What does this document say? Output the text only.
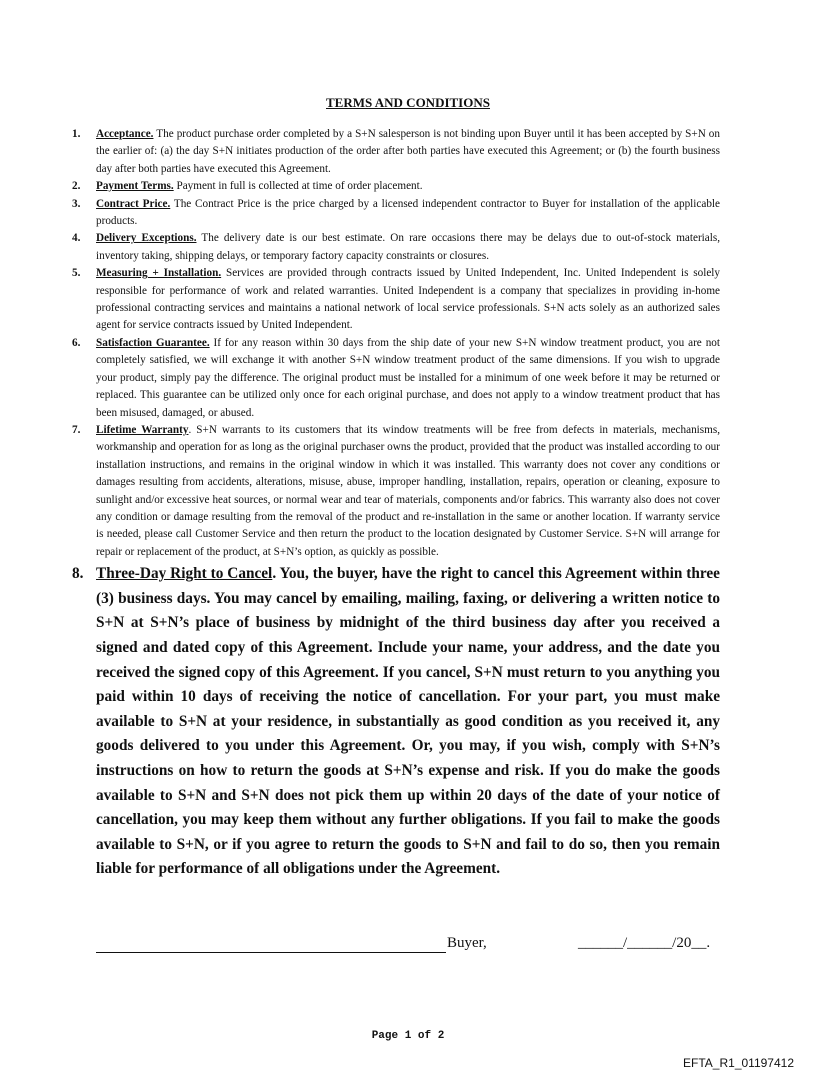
TERMS AND CONDITIONS
1. Acceptance. The product purchase order completed by a S+N salesperson is not binding upon Buyer until it has been accepted by S+N on the earlier of: (a) the day S+N initiates production of the order after both parties have executed this Agreement; or (b) the fourth business day after both parties have executed this Agreement.
2. Payment Terms. Payment in full is collected at time of order placement.
3. Contract Price. The Contract Price is the price charged by a licensed independent contractor to Buyer for installation of the applicable products.
4. Delivery Exceptions. The delivery date is our best estimate. On rare occasions there may be delays due to out-of-stock materials, inventory taking, shipping delays, or temporary factory capacity constraints or closures.
5. Measuring + Installation. Services are provided through contracts issued by United Independent, Inc. United Independent is solely responsible for performance of work and related warranties. United Independent is a company that specializes in providing in-home professional contracting services and maintains a national network of local service professionals. S+N acts solely as an authorized sales agent for service contracts issued by United Independent.
6. Satisfaction Guarantee. If for any reason within 30 days from the ship date of your new S+N window treatment product, you are not completely satisfied, we will exchange it with another S+N window treatment product of the same dimensions. If you wish to upgrade your product, simply pay the difference. The original product must be installed for a minimum of one week before it may be returned or replaced. This guarantee can be utilized only once for each original purchase, and does not apply to a window treatment product that has been misused, damaged, or abused.
7. Lifetime Warranty. S+N warrants to its customers that its window treatments will be free from defects in materials, mechanisms, workmanship and operation for as long as the original purchaser owns the product, provided that the product was installed according to our installation instructions, and remains in the original window in which it was installed. This warranty does not cover any conditions or damages resulting from accidents, alterations, misuse, abuse, improper handling, installation, repairs, operation or cleaning, exposure to sunlight and/or excessive heat sources, or normal wear and tear of materials, components and/or fabrics. This warranty also does not cover any condition or damage resulting from the removal of the product and re-installation in the same or another location. If warranty service is needed, please call Customer Service and then return the product to the location designated by Customer Service. S+N will arrange for repair or replacement of the product, at S+N’s option, as quickly as possible.
8. Three-Day Right to Cancel. You, the buyer, have the right to cancel this Agreement within three (3) business days. You may cancel by emailing, mailing, faxing, or delivering a written notice to S+N at S+N’s place of business by midnight of the third business day after you received a signed and dated copy of this Agreement. Include your name, your address, and the date you received the signed copy of this Agreement. If you cancel, S+N must return to you anything you paid within 10 days of receiving the notice of cancellation. For your part, you must make available to S+N at your residence, in substantially as good condition as you received it, any goods delivered to you under this Agreement. Or, you may, if you wish, comply with S+N’s instructions on how to return the goods at S+N’s expense and risk. If you do make the goods available to S+N and S+N does not pick them up within 20 days of the date of your notice of cancellation, you may keep them without any further obligations. If you fail to make the goods available to S+N, or if you agree to return the goods to S+N and fail to do so, then you remain liable for performance of all obligations under the Agreement.
Buyer,	______/______/20__.
Page 1 of 2
EFTA_R1_01197412
